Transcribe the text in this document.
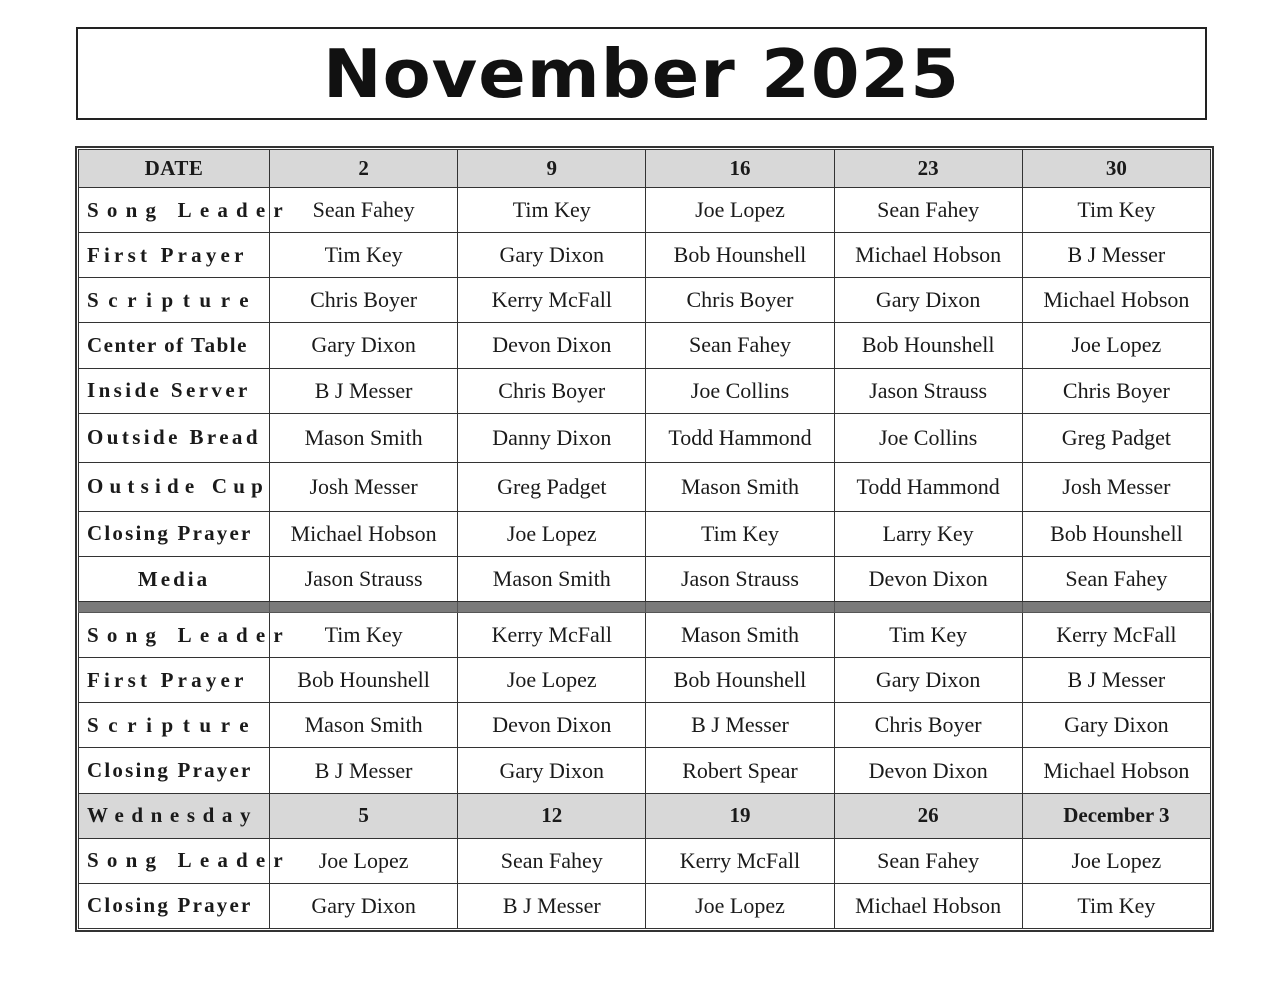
November 2025
DATE	2	9	16	23	30
Song Leader	Sean Fahey	Tim Key	Joe Lopez	Sean Fahey	Tim Key
First Prayer	Tim Key	Gary Dixon	Bob Hounshell	Michael Hobson	B J Messer
Scripture	Chris Boyer	Kerry McFall	Chris Boyer	Gary Dixon	Michael Hobson
Center of Table	Gary Dixon	Devon Dixon	Sean Fahey	Bob Hounshell	Joe Lopez
Inside Server	B J Messer	Chris Boyer	Joe Collins	Jason Strauss	Chris Boyer
Outside Bread	Mason Smith	Danny Dixon	Todd Hammond	Joe Collins	Greg Padget
Outside Cup	Josh Messer	Greg Padget	Mason Smith	Todd Hammond	Josh Messer
Closing Prayer	Michael Hobson	Joe Lopez	Tim Key	Larry Key	Bob Hounshell
Media	Jason Strauss	Mason Smith	Jason Strauss	Devon Dixon	Sean Fahey

Song Leader	Tim Key	Kerry McFall	Mason Smith	Tim Key	Kerry McFall
First Prayer	Bob Hounshell	Joe Lopez	Bob Hounshell	Gary Dixon	B J Messer
Scripture	Mason Smith	Devon Dixon	B J Messer	Chris Boyer	Gary Dixon
Closing Prayer	B J Messer	Gary Dixon	Robert Spear	Devon Dixon	Michael Hobson
Wednesday	5	12	19	26	December 3
Song Leader	Joe Lopez	Sean Fahey	Kerry McFall	Sean Fahey	Joe Lopez
Closing Prayer	Gary Dixon	B J Messer	Joe Lopez	Michael Hobson	Tim Key
